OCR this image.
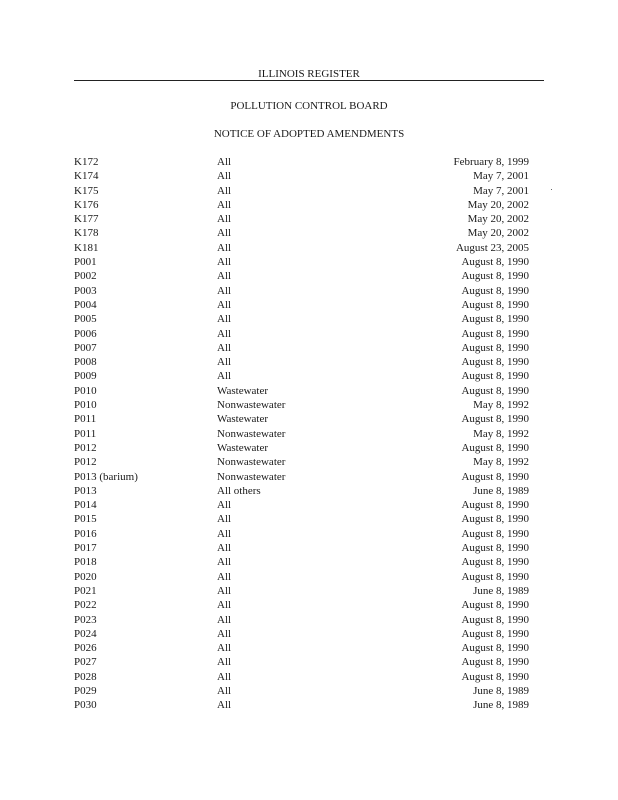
ILLINOIS REGISTER
POLLUTION CONTROL BOARD
NOTICE OF ADOPTED AMENDMENTS
K172	All	February 8, 1999
K174	All	May 7, 2001
K175	All	May 7, 2001
K176	All	May 20, 2002
K177	All	May 20, 2002
K178	All	May 20, 2002
K181	All	August 23, 2005
P001	All	August 8, 1990
P002	All	August 8, 1990
P003	All	August 8, 1990
P004	All	August 8, 1990
P005	All	August 8, 1990
P006	All	August 8, 1990
P007	All	August 8, 1990
P008	All	August 8, 1990
P009	All	August 8, 1990
P010	Wastewater	August 8, 1990
P010	Nonwastewater	May 8, 1992
P011	Wastewater	August 8, 1990
P011	Nonwastewater	May 8, 1992
P012	Wastewater	August 8, 1990
P012	Nonwastewater	May 8, 1992
P013 (barium)	Nonwastewater	August 8, 1990
P013	All others	June 8, 1989
P014	All	August 8, 1990
P015	All	August 8, 1990
P016	All	August 8, 1990
P017	All	August 8, 1990
P018	All	August 8, 1990
P020	All	August 8, 1990
P021	All	June 8, 1989
P022	All	August 8, 1990
P023	All	August 8, 1990
P024	All	August 8, 1990
P026	All	August 8, 1990
P027	All	August 8, 1990
P028	All	August 8, 1990
P029	All	June 8, 1989
P030	All	June 8, 1989
